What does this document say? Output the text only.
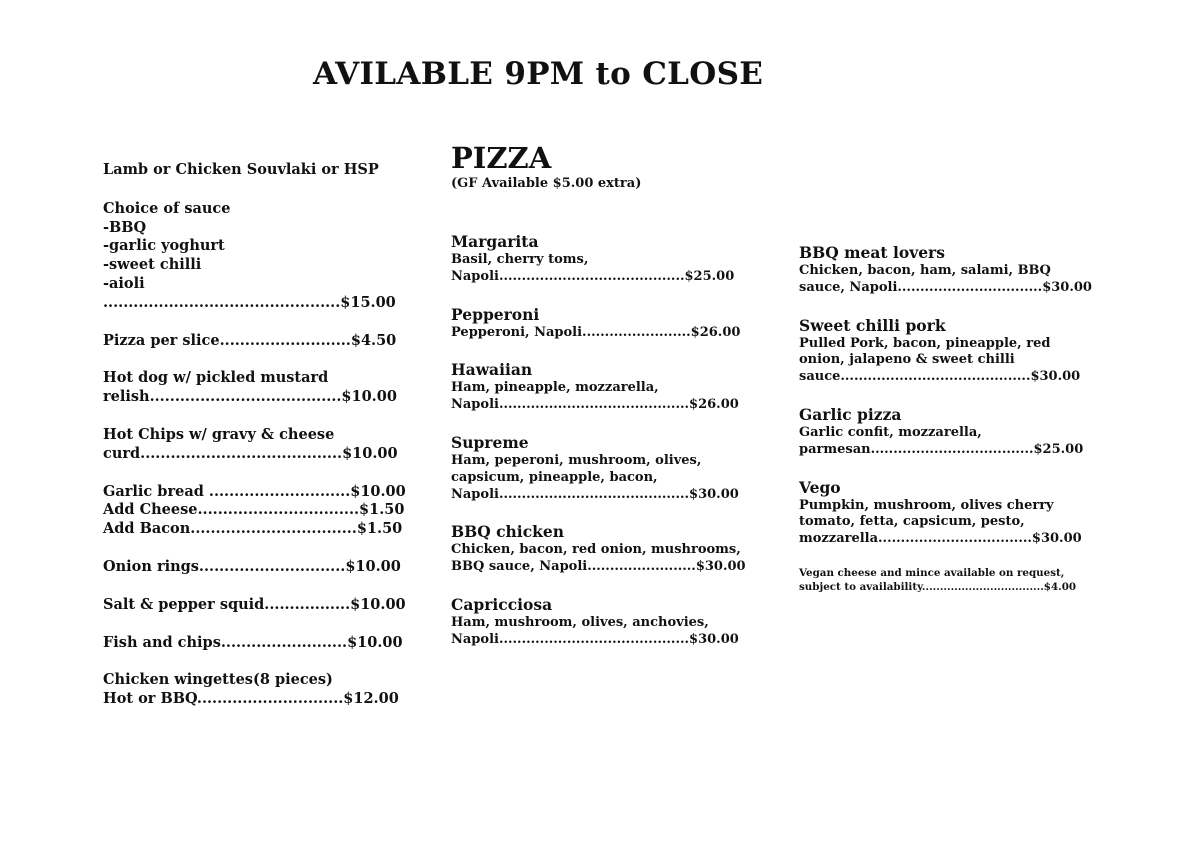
AVILABLE 9PM to CLOSE
Lamb or Chicken Souvlaki or HSP
Choice of sauce
-BBQ
-garlic yoghurt
-sweet chilli
-aioli
...............................................$15.00
Pizza per slice..........................$4.50
Hot dog w/ pickled mustard
relish......................................$10.00
Hot Chips w/ gravy & cheese
curd........................................$10.00
Garlic bread ............................$10.00
Add Cheese................................$1.50
Add Bacon.................................$1.50
Onion rings.............................$10.00
Salt & pepper squid.................$10.00
Fish and chips.........................$10.00
Chicken wingettes(8 pieces)
Hot or BBQ.............................$12.00
PIZZA
(GF Available $5.00 extra)
Margarita
Basil, cherry toms,
Napoli.........................................$25.00
Pepperoni
Pepperoni, Napoli........................$26.00
Hawaiian
Ham, pineapple, mozzarella,
Napoli..........................................$26.00
Supreme
Ham, peperoni, mushroom, olives,
capsicum, pineapple, bacon,
Napoli..........................................$30.00
BBQ chicken
Chicken, bacon, red onion, mushrooms,
BBQ sauce, Napoli........................$30.00
Capricciosa
Ham, mushroom, olives, anchovies,
Napoli..........................................$30.00
BBQ meat lovers
Chicken, bacon, ham, salami, BBQ
sauce, Napoli................................$30.00
Sweet chilli pork
Pulled Pork, bacon, pineapple, red
onion, jalapeno & sweet chilli
sauce..........................................$30.00
Garlic pizza
Garlic confit, mozzarella,
parmesan....................................$25.00
Vego
Pumpkin, mushroom, olives cherry
tomato, fetta, capsicum, pesto,
mozzarella..................................$30.00
Vegan cheese and mince available on request,
subject to availability..................................$4.00
